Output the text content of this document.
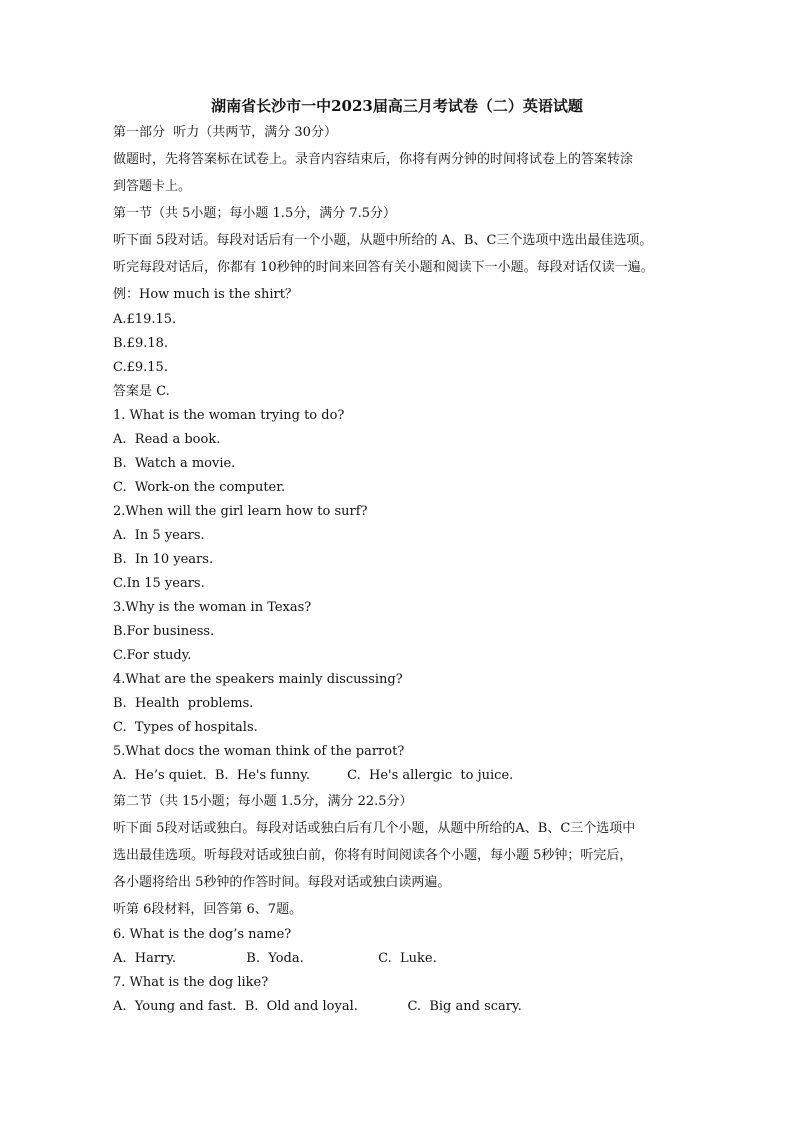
湖南省长沙市一中2023届高三月考试卷（二）英语试题
第一部分  听力（共两节，满分 30分）
做题时，先将答案标在试卷上。录音内容结束后，你将有两分钟的时间将试卷上的答案转涂
到答题卡上。
第一节（共 5小题；每小题 1.5分，满分 7.5分）
听下面 5段对话。每段对话后有一个小题，从题中所给的 A、B、C三个选项中选出最佳选项。
听完每段对话后，你都有 10秒钟的时间来回答有关小题和阅读下一小题。每段对话仅读一遍。
例：How much is the shirt？
A.£19.15.
B.£9.18.
C.£9.15.
答案是 C.
1. What is the woman trying to do?
A.  Read a book.
B.  Watch a movie.
C.  Work-on the computer.
2.When will the girl learn how to surf?
A.  In 5 years.
B.  In 10 years.
C.In 15 years.
3.Why is the woman in Texas?
B.For business.
C.For study.
4.What are the speakers mainly discussing?
B.  Health  problems.
C.  Types of hospitals.
5.What docs the woman think of the parrot?
A.  He’s quiet.  B.  He's funny.         C.  He's allergic  to juice.
第二节（共 15小题；每小题 1.5分，满分 22.5分）
听下面 5段对话或独白。每段对话或独白后有几个小题，从题中所给的A、B、C三个选项中
选出最佳选项。听每段对话或独白前，你将有时间阅读各个小题，每小题 5秒钟；听完后，
各小题将给出 5秒钟的作答时间。每段对话或独白读两遍。
听第 6段材料，回答第 6、7题。
6. What is the dog’s name?
A.  Harry.                 B.  Yoda.                  C.  Luke.
7. What is the dog like?
A.  Young and fast.  B.  Old and loyal.            C.  Big and scary.
